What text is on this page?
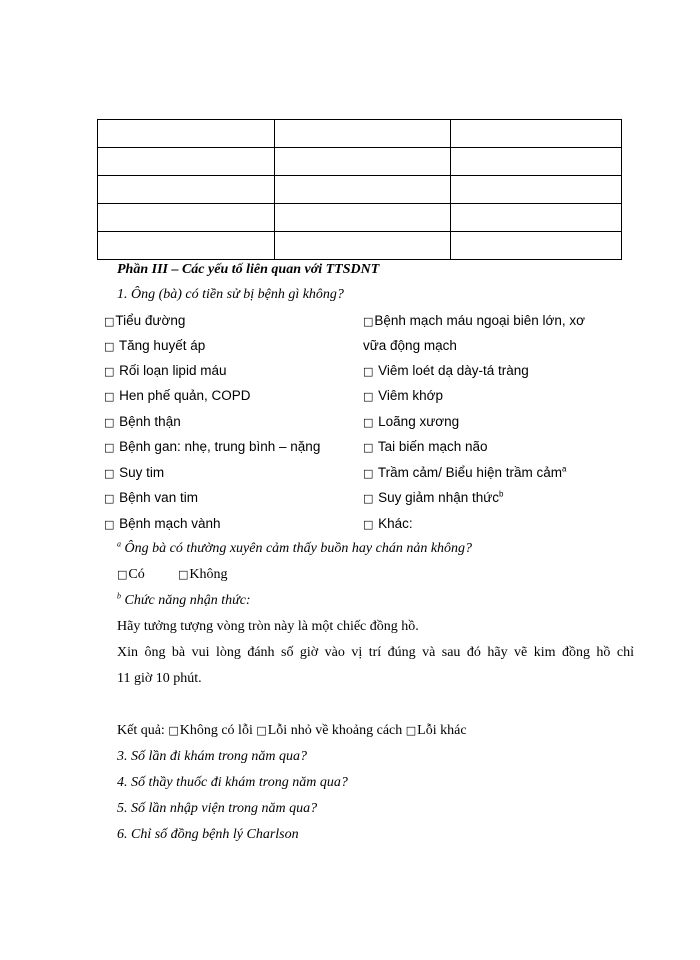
Phần III – Các yếu tố liên quan với TTSDNT
1. Ông (bà) có tiền sử bị bệnh gì không?
□Tiểu đường
□ Tăng huyết áp
□ Rối loạn lipid máu
□ Hen phế quản, COPD
□ Bệnh thận
□ Bệnh gan: nhẹ, trung bình – nặng
□ Suy tim
□ Bệnh van tim
□ Bệnh mạch vành
□Bệnh mạch máu ngoại biên lớn, xơ
vữa động mạch
□ Viêm loét dạ dày-tá tràng
□ Viêm khớp
□ Loãng xương
□ Tai biến mạch não
□ Trầm cảm/ Biểu hiện trầm cảm$^a$
□ Suy giảm nhận thức$^b$
□ Khác:
$^a$ Ông bà có thường xuyên cảm thấy buồn hay chán nản không?
□Có	□Không
$^b$ Chức năng nhận thức:
Hãy tưởng tượng vòng tròn này là một chiếc đồng hồ.
Xin ông bà vui lòng đánh số giờ vào vị trí đúng và sau đó hãy vẽ kim đồng hồ chỉ
11 giờ 10 phút.
Kết quả: □Không có lỗi □Lỗi nhỏ về khoảng cách □Lỗi khác
3. Số lần đi khám trong năm qua?
4. Số thầy thuốc đi khám trong năm qua?
5. Số lần nhập viện trong năm qua?
6. Chỉ số đồng bệnh lý Charlson
